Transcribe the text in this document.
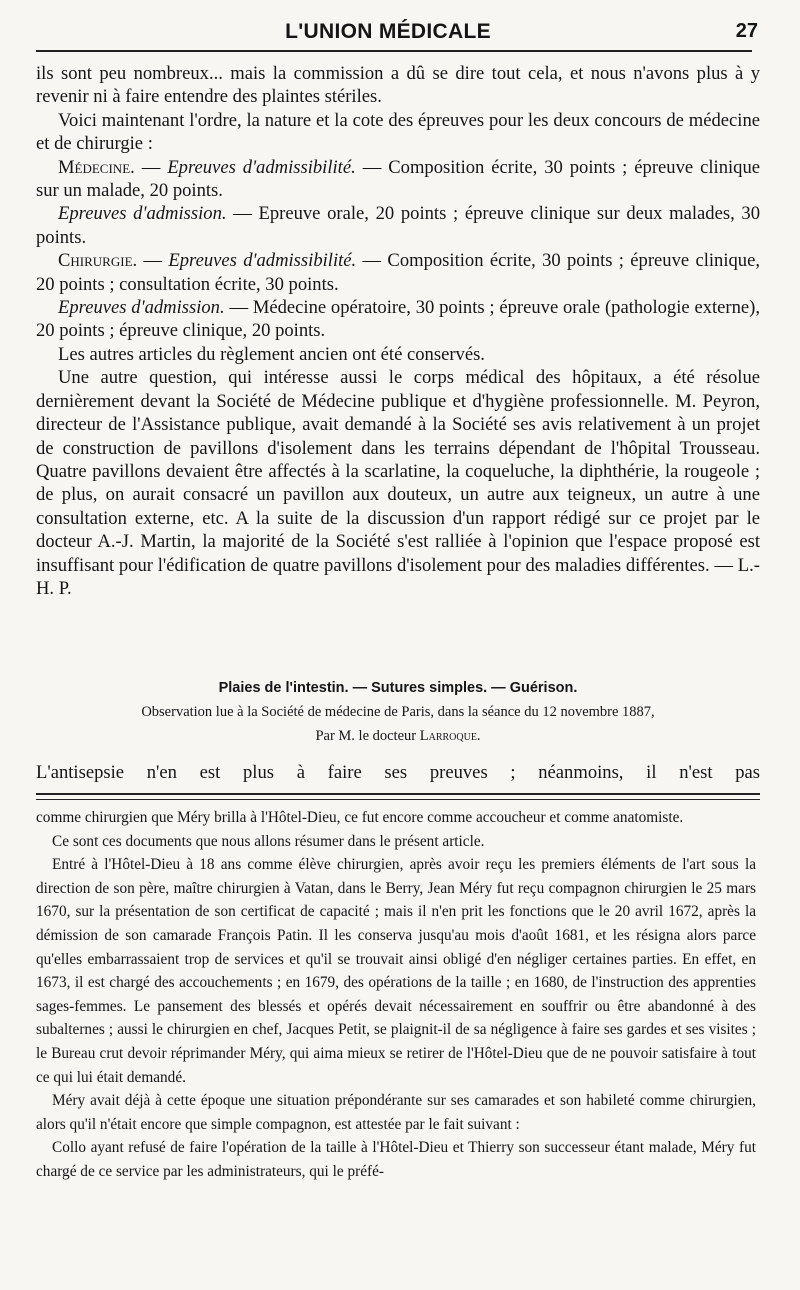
L'UNION MÉDICALE	27

ils sont peu nombreux... mais la commission a dû se dire tout cela, et nous n'avons plus à y revenir ni à faire entendre des plaintes stériles.

Voici maintenant l'ordre, la nature et la cote des épreuves pour les deux concours de médecine et de chirurgie :

Médecine. — Epreuves d'admissibilité. — Composition écrite, 30 points ; épreuve clinique sur un malade, 20 points.

Epreuves d'admission. — Epreuve orale, 20 points ; épreuve clinique sur deux malades, 30 points.

Chirurgie. — Epreuves d'admissibilité. — Composition écrite, 30 points ; épreuve clinique, 20 points ; consultation écrite, 30 points.

Epreuves d'admission. — Médecine opératoire, 30 points ; épreuve orale (pathologie externe), 20 points ; épreuve clinique, 20 points.

Les autres articles du règlement ancien ont été conservés.

Une autre question, qui intéresse aussi le corps médical des hôpitaux, a été résolue dernièrement devant la Société de Médecine publique et d'hygiène professionnelle. M. Peyron, directeur de l'Assistance publique, avait demandé à la Société ses avis relativement à un projet de construction de pavillons d'isolement dans les terrains dépendant de l'hôpital Trousseau. Quatre pavillons devaient être affectés à la scarlatine, la coqueluche, la diphthérie, la rougeole ; de plus, on aurait consacré un pavillon aux douteux, un autre aux teigneux, un autre à une consultation externe, etc. A la suite de la discussion d'un rapport rédigé sur ce projet par le docteur A.-J. Martin, la majorité de la Société s'est ralliée à l'opinion que l'espace proposé est insuffisant pour l'édification de quatre pavillons d'isolement pour des maladies différentes. — L.-H. P.

Plaies de l'intestin. — Sutures simples. — Guérison.

Observation lue à la Société de médecine de Paris, dans la séance du 12 novembre 1887,

Par M. le docteur Larroque.

L'antisepsie n'en est plus à faire ses preuves ; néanmoins, il n'est pas

comme chirurgien que Méry brilla à l'Hôtel-Dieu, ce fut encore comme accoucheur et comme anatomiste.

Ce sont ces documents que nous allons résumer dans le présent article.

Entré à l'Hôtel-Dieu à 18 ans comme élève chirurgien, après avoir reçu les premiers éléments de l'art sous la direction de son père, maître chirurgien à Vatan, dans le Berry, Jean Méry fut reçu compagnon chirurgien le 25 mars 1670, sur la présentation de son certificat de capacité ; mais il n'en prit les fonctions que le 20 avril 1672, après la démission de son camarade François Patin. Il les conserva jusqu'au mois d'août 1681, et les résigna alors parce qu'elles embarrassaient trop de services et qu'il se trouvait ainsi obligé d'en négliger certaines parties. En effet, en 1673, il est chargé des accouchements ; en 1679, des opérations de la taille ; en 1680, de l'instruction des apprenties sages-femmes. Le pansement des blessés et opérés devait nécessairement en souffrir ou être abandonné à des subalternes ; aussi le chirurgien en chef, Jacques Petit, se plaignit-il de sa négligence à faire ses gardes et ses visites ; le Bureau crut devoir réprimander Méry, qui aima mieux se retirer de l'Hôtel-Dieu que de ne pouvoir satisfaire à tout ce qui lui était demandé.

Méry avait déjà à cette époque une situation prépondérante sur ses camarades et son habileté comme chirurgien, alors qu'il n'était encore que simple compagnon, est attestée par le fait suivant :

Collo ayant refusé de faire l'opération de la taille à l'Hôtel-Dieu et Thierry son successeur étant malade, Méry fut chargé de ce service par les administrateurs, qui le préfé-
